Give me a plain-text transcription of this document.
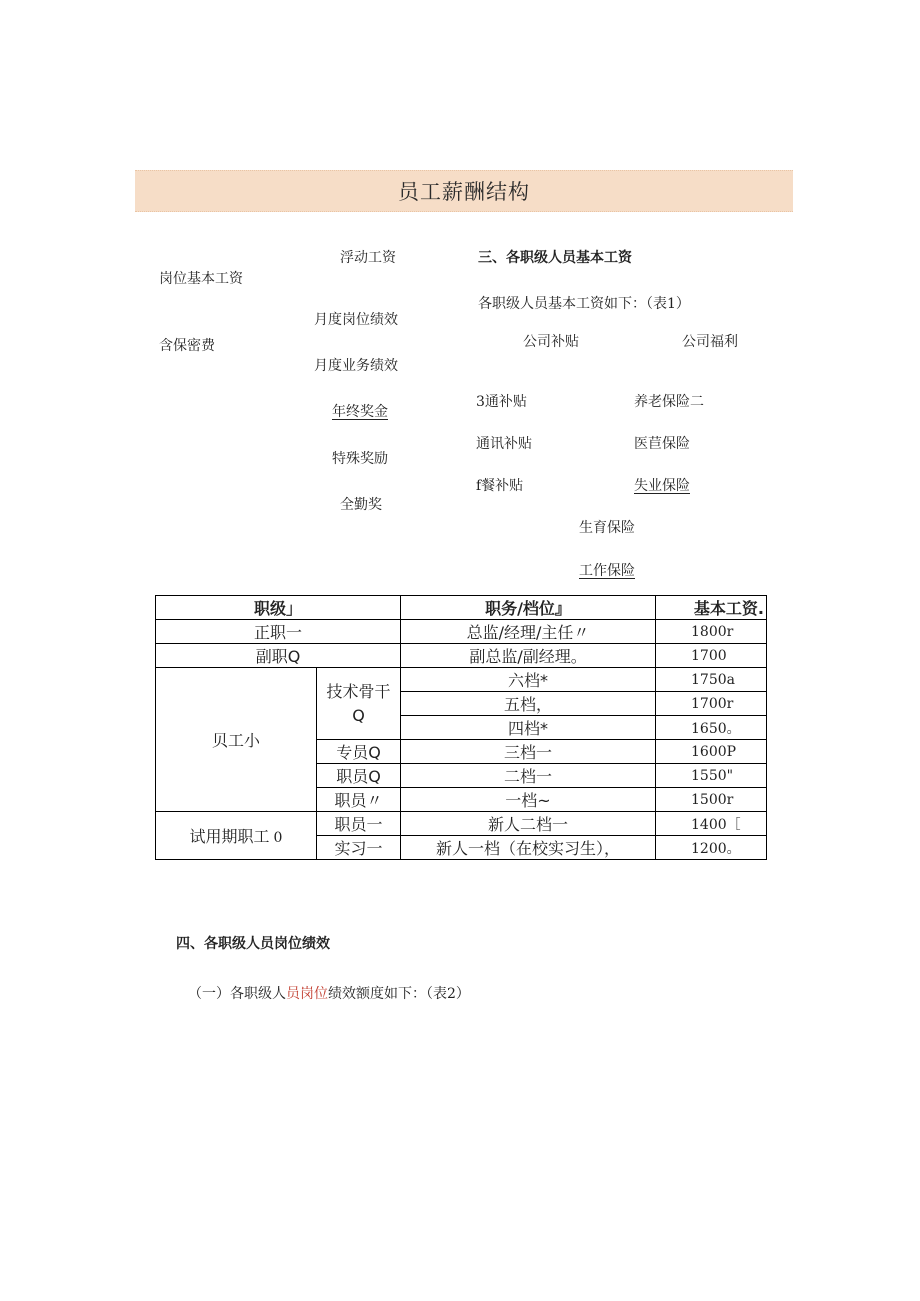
员工薪酬结构
岗位基本工资
含保密费
浮动工资
月度岗位绩效
月度业务绩效
年终奖金
特殊奖励
全勤奖
三、各职级人员基本工资
各职级人员基本工资如下：（表1）
公司补贴	公司福利
3通补贴
通讯补贴
f餐补贴
养老保险二
医苣保险
失业保险
生育保险
工作保险
职级」		职务/档位』	基本工资.
正职一		总监/经理/主任〃	1800r
副职Q		副总监/副经理。	1700
贝工小	技术骨干Q	六档*	1750a
		五档，	1700r
		四档*	1650。
	专员Q	三档一	1600P
	职员Q	二档一	1550"
	职员〃	一档~	1500r
试用期职工 0	职员一	新人二档一	1400［
	实习一	新人一档（在校实习生），	1200。
四、各职级人员岗位绩效
（一）各职级人员岗位绩效额度如下：（表2）
